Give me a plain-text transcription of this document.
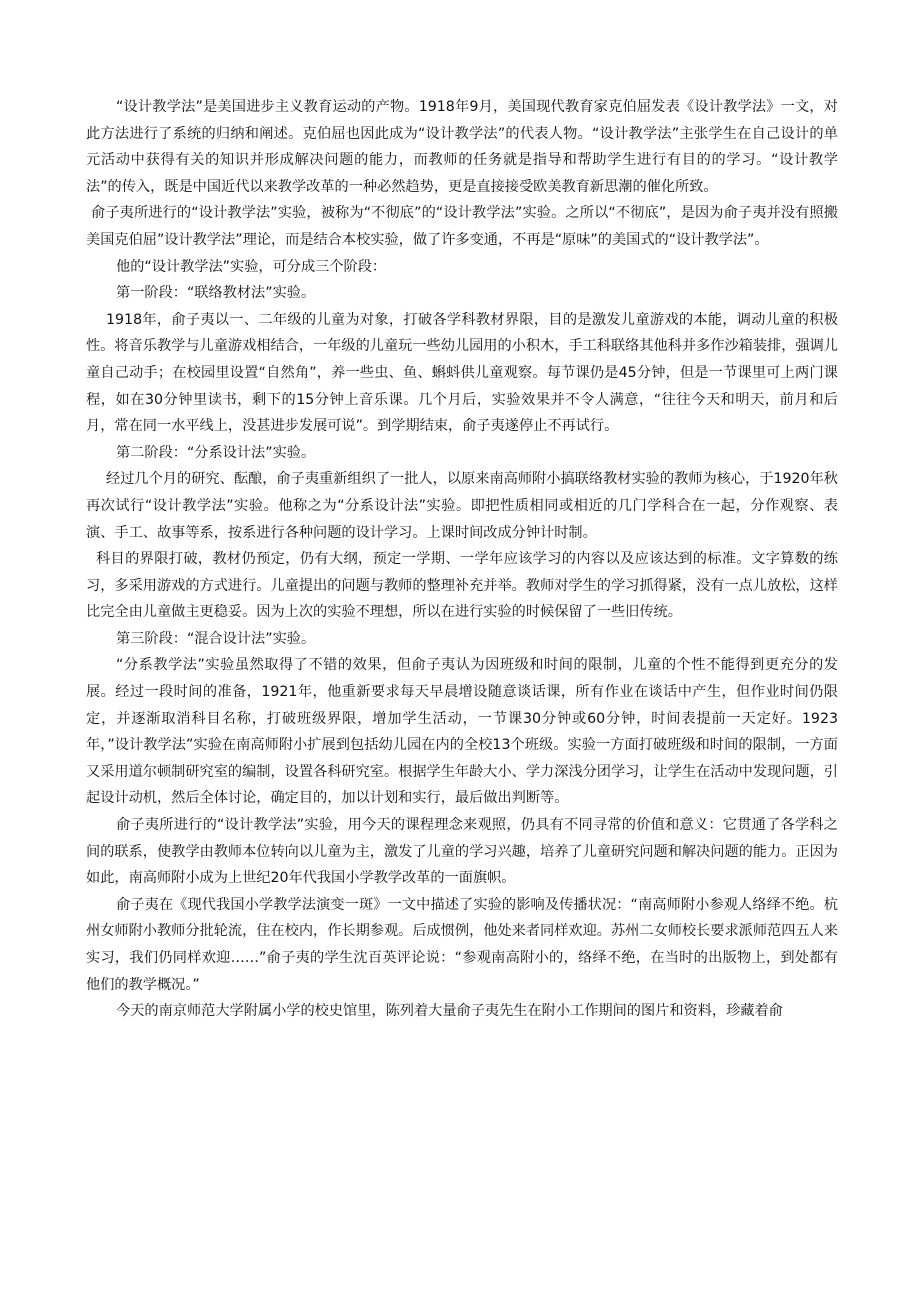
“设计教学法”是美国进步主义教育运动的产物。1918年9月，美国现代教育家克伯屈发表《设计教学法》一文，对此方法进行了系统的归纳和阐述。克伯屈也因此成为“设计教学法”的代表人物。“设计教学法”主张学生在自己设计的单元活动中获得有关的知识并形成解决问题的能力，而教师的任务就是指导和帮助学生进行有目的的学习。“设计教学法”的传入，既是中国近代以来教学改革的一种必然趋势，更是直接接受欧美教育新思潮的催化所致。

俞子夷所进行的“设计教学法”实验，被称为“不彻底”的“设计教学法”实验。之所以“不彻底”，是因为俞子夷并没有照搬美国克伯屈”设计教学法”理论，而是结合本校实验，做了许多变通，不再是“原味”的美国式的“设计教学法”。

他的“设计教学法”实验，可分成三个阶段：

第一阶段：“联络教材法”实验。

1918年，俞子夷以一、二年级的儿童为对象，打破各学科教材界限，目的是激发儿童游戏的本能，调动儿童的积极性。将音乐教学与儿童游戏相结合，一年级的儿童玩一些幼儿园用的小积木，手工科联络其他科并多作沙箱装排，强调儿童自己动手；在校园里设置“自然角”，养一些虫、鱼、蝌蚪供儿童观察。每节课仍是45分钟，但是一节课里可上两门课程，如在30分钟里读书，剩下的15分钟上音乐课。几个月后，实验效果并不令人满意，“往往今天和明天，前月和后月，常在同一水平线上，没甚进步发展可说”。到学期结束，俞子夷遂停止不再试行。

第二阶段：“分系设计法”实验。

经过几个月的研究、酝酿，俞子夷重新组织了一批人，以原来南高师附小搞联络教材实验的教师为核心，于1920年秋再次试行“设计教学法”实验。他称之为“分系设计法”实验。即把性质相同或相近的几门学科合在一起，分作观察、表演、手工、故事等系，按系进行各种问题的设计学习。上课时间改成分钟计时制。

科目的界限打破，教材仍预定，仍有大纲，预定一学期、一学年应该学习的内容以及应该达到的标准。文字算数的练习，多采用游戏的方式进行。儿童提出的问题与教师的整理补充并举。教师对学生的学习抓得紧，没有一点儿放松，这样比完全由儿童做主更稳妥。因为上次的实验不理想，所以在进行实验的时候保留了一些旧传统。

第三阶段：“混合设计法”实验。

“分系教学法”实验虽然取得了不错的效果，但俞子夷认为因班级和时间的限制，儿童的个性不能得到更充分的发展。经过一段时间的准备，1921年，他重新要求每天早晨增设随意谈话课，所有作业在谈话中产生，但作业时间仍限定，并逐渐取消科目名称，打破班级界限，增加学生活动，一节课30分钟或60分钟，时间表提前一天定好。1923年，”设计教学法”实验在南高师附小扩展到包括幼儿园在内的全校13个班级。实验一方面打破班级和时间的限制，一方面又采用道尔顿制研究室的编制，设置各科研究室。根据学生年龄大小、学力深浅分团学习，让学生在活动中发现问题，引起设计动机，然后全体讨论，确定目的，加以计划和实行，最后做出判断等。

俞子夷所进行的“设计教学法”实验，用今天的课程理念来观照，仍具有不同寻常的价值和意义：它贯通了各学科之间的联系，使教学由教师本位转向以儿童为主，激发了儿童的学习兴趣，培养了儿童研究问题和解决问题的能力。正因为如此，南高师附小成为上世纪20年代我国小学教学改革的一面旗帜。

俞子夷在《现代我国小学教学法演变一斑》一文中描述了实验的影响及传播状况：“南高师附小参观人络绎不绝。杭州女师附小教师分批轮流，住在校内，作长期参观。后成惯例，他处来者同样欢迎。苏州二女师校长要求派师范四五人来实习，我们仍同样欢迎……”俞子夷的学生沈百英评论说：“参观南高附小的，络绎不绝，在当时的出版物上，到处都有他们的教学概况。”

今天的南京师范大学附属小学的校史馆里，陈列着大量俞子夷先生在附小工作期间的图片和资料，珍藏着俞
